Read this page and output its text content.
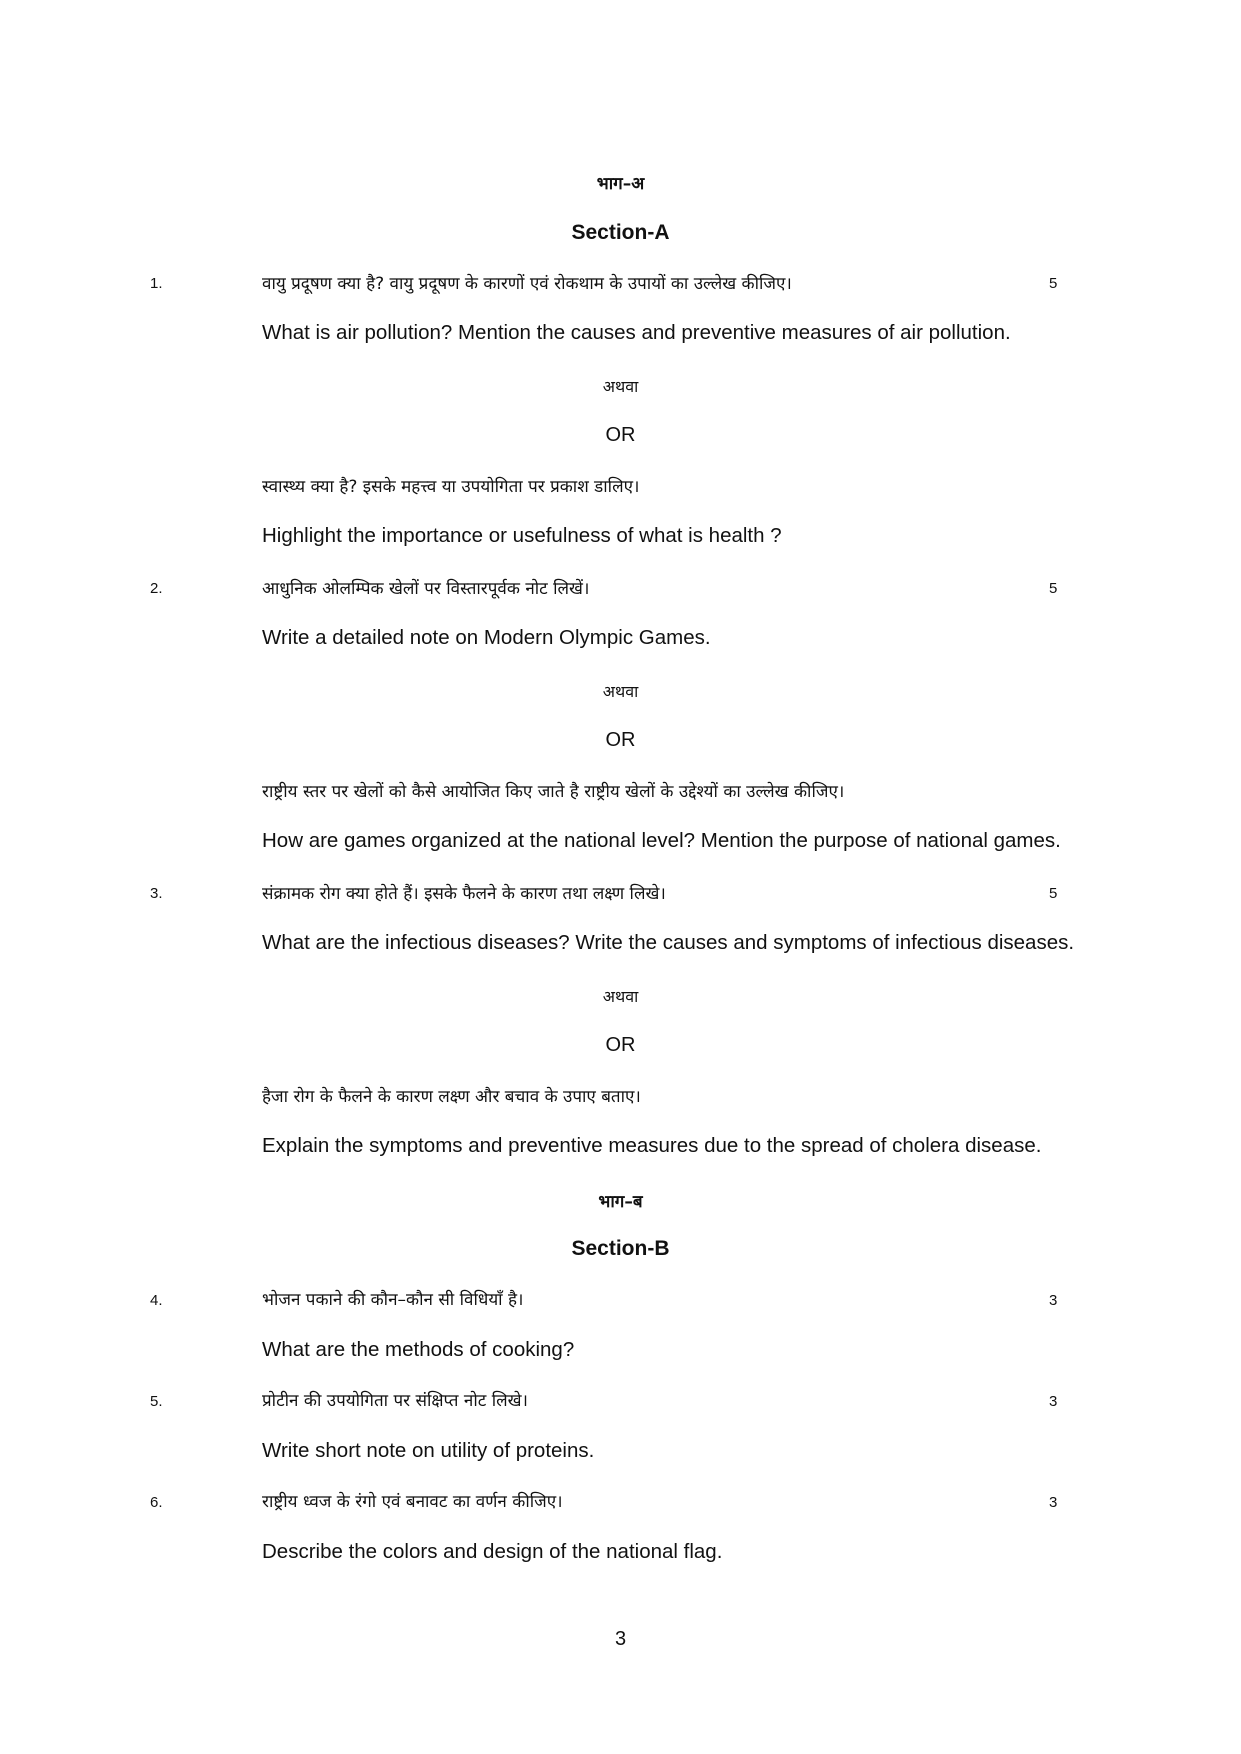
भाग–अ
Section-A
1.	वायु प्रदूषण क्या है? वायु प्रदूषण के कारणों एवं रोकथाम के उपायों का उल्लेख कीजिए।	5
What is air pollution? Mention the causes and preventive measures of air pollution.
अथवा
OR
स्वास्थ्य क्या है? इसके महत्त्व या उपयोगिता पर प्रकाश डालिए।
Highlight the importance or usefulness of what is health ?
2.	आधुनिक ओलम्पिक खेलों पर विस्तारपूर्वक नोट लिखें।	5
Write a detailed note on Modern Olympic Games.
अथवा
OR
राष्ट्रीय स्तर पर खेलों को कैसे आयोजित किए जाते है राष्ट्रीय खेलों के उद्देश्यों का उल्लेख कीजिए।
How are games organized at the national level? Mention the purpose of national games.
3.	संक्रामक रोग क्या होते हैं। इसके फैलने के कारण तथा लक्ष्ण लिखे।	5
What are the infectious diseases? Write the causes and symptoms of infectious diseases.
अथवा
OR
हैजा रोग के फैलने के कारण लक्ष्ण और बचाव के उपाए बताए।
Explain the symptoms and preventive measures due to the spread of cholera disease.
भाग–ब
Section-B
4.	भोजन पकाने की कौन–कौन सी विधियाँ है।	3
What are the methods of cooking?
5.	प्रोटीन की उपयोगिता पर संक्षिप्त नोट लिखे।	3
Write short note on utility of proteins.
6.	राष्ट्रीय ध्वज के रंगो एवं बनावट का वर्णन कीजिए।	3
Describe the colors and design of the national flag.
3
